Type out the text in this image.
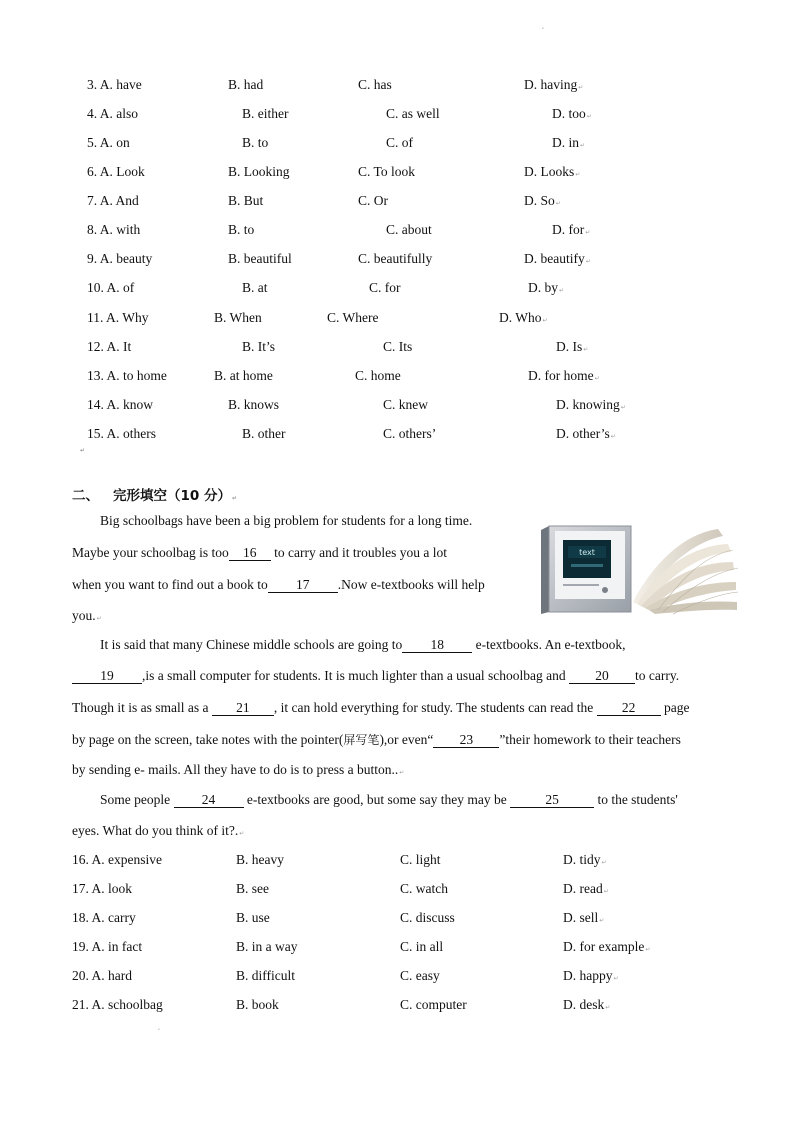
‘
3. A. have	B. had	C. has	D. having↵
4. A. also	B. either	C. as well	D. too↵
5. A. on	B. to	C. of	D. in↵
6. A. Look	B. Looking	C. To look	D. Looks↵
7. A. And	B. But	C. Or	D. So↵
8. A. with	B. to	C. about	D. for↵
9. A. beauty	B. beautiful	C. beautifully	D. beautify↵
10. A. of	B. at	C. for	D. by↵
11. A. Why	B. When	C. Where	D. Who↵
12. A. It	B. It’s	C. Its	D. Is↵
13. A. to home	B. at home	C. home	D. for home↵
14. A. know	B. knows	C. knew	D. knowing↵
15. A. others	B. other	C. others’	D. other’s↵
↵
二、 完形填空（10 分）↵
text
Big schoolbags have been a big problem for students for a long time.
Maybe your schoolbag is too 16 to carry and it troubles you a lot
when you want to find out a book to 17 .Now e-textbooks will help
you.↵
It is said that many Chinese middle schools are going to 18 e-textbooks. An e-textbook,
19 ,is a small computer for students. It is much lighter than a usual schoolbag and 20 to carry.
Though it is as small as a 21 , it can hold everything for study. The students can read the 22 page
by page on the screen, take notes with the pointer(屏写笔),or even“ 23 ”their homework to their teachers
by sending e- mails. All they have to do is to press a button..↵
Some people 24 e-textbooks are good, but some say they may be	25	to the students'
eyes. What do you think of it?.↵
16. A. expensive	B. heavy	C. light	D. tidy↵
17. A. look	B. see	C. watch	D. read↵
18. A. carry	B. use	C. discuss	D. sell↵
19. A. in fact	B. in a way	C. in all	D. for example↵
20. A. hard	B. difficult	C. easy	D. happy↵
21. A. schoolbag	B. book	C. computer	D. desk↵
‘
